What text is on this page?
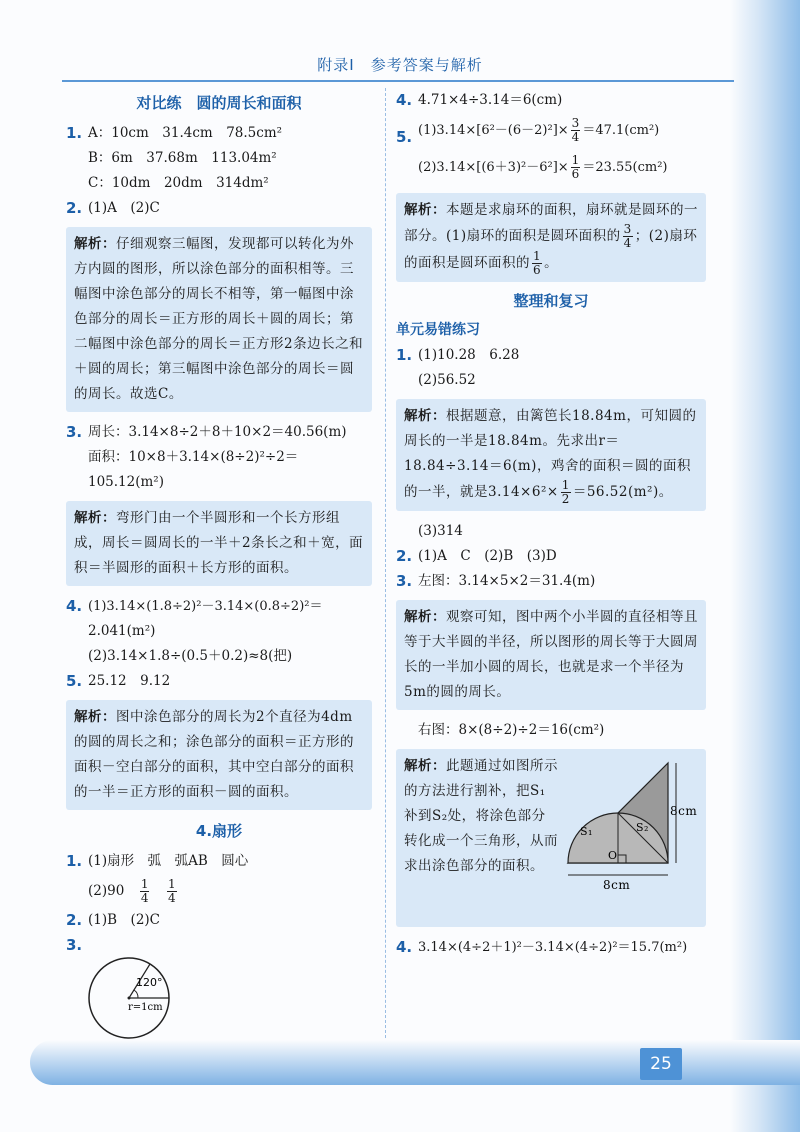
附录Ⅰ　参考答案与解析
对比练　圆的周长和面积
1. A：10cm　31.4cm　78.5cm²
B：6m　37.68m　113.04m²
C：10dm　20dm　314dm²
2. (1)A　(2)C
解析：仔细观察三幅图，发现都可以转化为外方内圆的图形，所以涂色部分的面积相等。三幅图中涂色部分的周长不相等，第一幅图中涂色部分的周长＝正方形的周长＋圆的周长；第二幅图中涂色部分的周长＝正方形2条边长之和＋圆的周长；第三幅图中涂色部分的周长＝圆的周长。故选C。
3. 周长：3.14×8÷2＋8＋10×2＝40.56(m)
面积：10×8＋3.14×(8÷2)²÷2＝
105.12(m²)
解析：弯形门由一个半圆形和一个长方形组成，周长＝圆周长的一半＋2条长之和＋宽，面积＝半圆形的面积＋长方形的面积。
4. (1)3.14×(1.8÷2)²－3.14×(0.8÷2)²＝
2.041(m²)
(2)3.14×1.8÷(0.5＋0.2)≈8(把)
5. 25.12　9.12
解析：图中涂色部分的周长为2个直径为4dm的圆的周长之和；涂色部分的面积＝正方形的面积－空白部分的面积，其中空白部分的面积的一半＝正方形的面积－圆的面积。
4.扇形
1. (1)扇形　弧　弧AB　圆心
(2)90　 $\frac{1}{4}$
　 $\frac{1}{4}$
2. (1)B　 (2)C
3.
120°
r=1cm
4. 4.71×4÷3.14＝6(cm)
5. $(1)3.14\times[6^2-(6-2)^2]\times \frac{3}{4} =47.1(cm^2)$
$(2)3.14\times[(6+3)^2-6^2]\times \frac{1}{6} =23.55(cm^2)$
解析：本题是求扇环的面积，扇环就是圆环的一部分。(1)扇环的面积是圆环面积的 $\frac{3}{4}$ ；(2)扇环的面积是圆环面积的 $\frac{1}{6}$ 。
整理和复习
单元易错练习
1. (1)10.28　6.28
(2)56.52
解析：根据题意，由篱笆长18.84m，可知圆的周长的一半是18.84m。先求出r＝18.84÷3.14＝6(m)，鸡舍的面积＝圆的面积的一半，就是$3.14\times 6^2\times \frac{1}{2} =56.52(m^2)$。
(3)314
2. (1)A　C　(2)B　(3)D
3. 左图：3.14×5×2＝31.4(m)
解析：观察可知，图中两个小半圆的直径相等且等于大半圆的半径，所以图形的周长等于大圆周长的一半加小圆的周长，也就是求一个半径为5m的圆的周长。
右图：8×(8÷2)÷2＝16(cm²)
解析：此题通过如图所示的方法进行割补，把S₁补到S₂处，将涂色部分转化成一个三角形，从而求出涂色部分的面积。
8cm
8cm
S₁	S₂
O
4. 3.14×(4÷2＋1)²－3.14×(4÷2)²＝15.7(m²)
25
